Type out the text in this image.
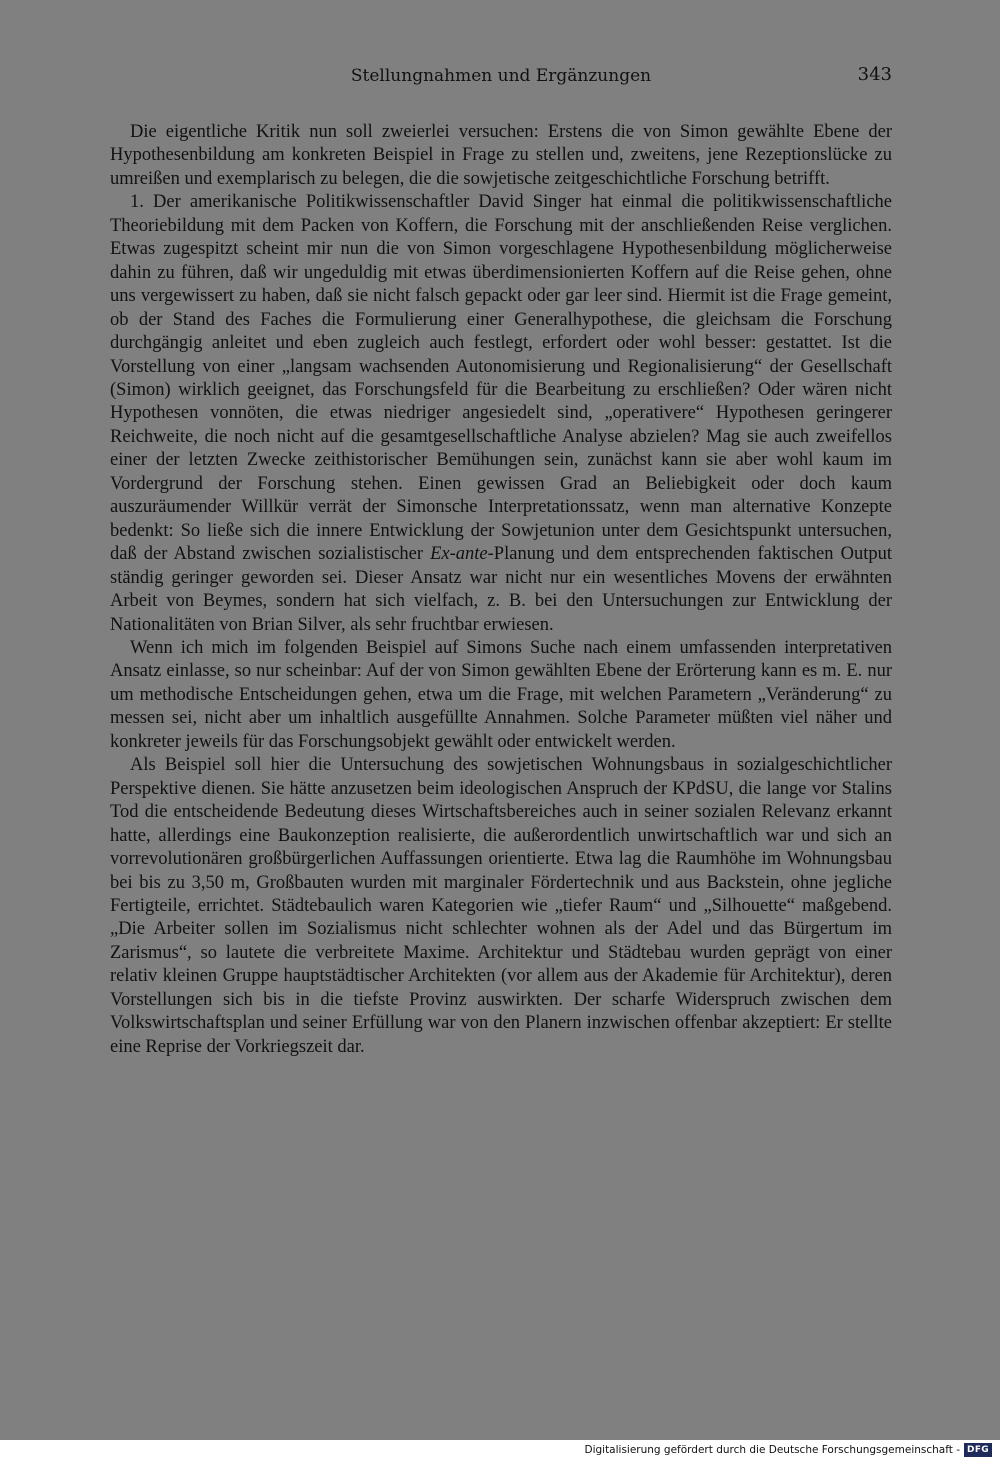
Stellungnahmen und Ergänzungen	343

Die eigentliche Kritik nun soll zweierlei versuchen: Erstens die von Simon gewählte Ebene der Hypothesenbildung am konkreten Beispiel in Frage zu stellen und, zweitens, jene Rezeptionslücke zu umreißen und exemplarisch zu belegen, die die sowjetische zeitgeschichtliche Forschung betrifft.

1. Der amerikanische Politikwissenschaftler David Singer hat einmal die politikwissenschaftliche Theoriebildung mit dem Packen von Koffern, die Forschung mit der anschließenden Reise verglichen. Etwas zugespitzt scheint mir nun die von Simon vorgeschlagene Hypothesenbildung möglicherweise dahin zu führen, daß wir ungeduldig mit etwas überdimensionierten Koffern auf die Reise gehen, ohne uns vergewissert zu haben, daß sie nicht falsch gepackt oder gar leer sind. Hiermit ist die Frage gemeint, ob der Stand des Faches die Formulierung einer Generalhypothese, die gleichsam die Forschung durchgängig anleitet und eben zugleich auch festlegt, erfordert oder wohl besser: gestattet. Ist die Vorstellung von einer „langsam wachsenden Autonomisierung und Regionalisierung“ der Gesellschaft (Simon) wirklich geeignet, das Forschungsfeld für die Bearbeitung zu erschließen? Oder wären nicht Hypothesen vonnöten, die etwas niedriger angesiedelt sind, „operativere“ Hypothesen geringerer Reichweite, die noch nicht auf die gesamtgesellschaftliche Analyse abzielen? Mag sie auch zweifellos einer der letzten Zwecke zeithistorischer Bemühungen sein, zunächst kann sie aber wohl kaum im Vordergrund der Forschung stehen. Einen gewissen Grad an Beliebigkeit oder doch kaum auszuräumender Willkür verrät der Simonsche Interpretationssatz, wenn man alternative Konzepte bedenkt: So ließe sich die innere Entwicklung der Sowjetunion unter dem Gesichtspunkt untersuchen, daß der Abstand zwischen sozialistischer Ex-ante-Planung und dem entsprechenden faktischen Output ständig geringer geworden sei. Dieser Ansatz war nicht nur ein wesentliches Movens der erwähnten Arbeit von Beymes, sondern hat sich vielfach, z. B. bei den Untersuchungen zur Entwicklung der Nationalitäten von Brian Silver, als sehr fruchtbar erwiesen.

Wenn ich mich im folgenden Beispiel auf Simons Suche nach einem umfassenden interpretativen Ansatz einlasse, so nur scheinbar: Auf der von Simon gewählten Ebene der Erörterung kann es m. E. nur um methodische Entscheidungen gehen, etwa um die Frage, mit welchen Parametern „Veränderung“ zu messen sei, nicht aber um inhaltlich ausgefüllte Annahmen. Solche Parameter müßten viel näher und konkreter jeweils für das Forschungsobjekt gewählt oder entwickelt werden.

Als Beispiel soll hier die Untersuchung des sowjetischen Wohnungsbaus in sozialgeschichtlicher Perspektive dienen. Sie hätte anzusetzen beim ideologischen Anspruch der KPdSU, die lange vor Stalins Tod die entscheidende Bedeutung dieses Wirtschaftsbereiches auch in seiner sozialen Relevanz erkannt hatte, allerdings eine Baukonzeption realisierte, die außerordentlich unwirtschaftlich war und sich an vorrevolutionären großbürgerlichen Auffassungen orientierte. Etwa lag die Raumhöhe im Wohnungsbau bei bis zu 3,50 m, Großbauten wurden mit marginaler Fördertechnik und aus Backstein, ohne jegliche Fertigteile, errichtet. Städtebaulich waren Kategorien wie „tiefer Raum“ und „Silhouette“ maßgebend. „Die Arbeiter sollen im Sozialismus nicht schlechter wohnen als der Adel und das Bürgertum im Zarismus“, so lautete die verbreitete Maxime. Architektur und Städtebau wurden geprägt von einer relativ kleinen Gruppe hauptstädtischer Architekten (vor allem aus der Akademie für Architektur), deren Vorstellungen sich bis in die tiefste Provinz auswirkten. Der scharfe Widerspruch zwischen dem Volkswirtschaftsplan und seiner Erfüllung war von den Planern inzwischen offenbar akzeptiert: Er stellte eine Reprise der Vorkriegszeit dar.

Digitalisierung gefördert durch die Deutsche Forschungsgemeinschaft - DFG
